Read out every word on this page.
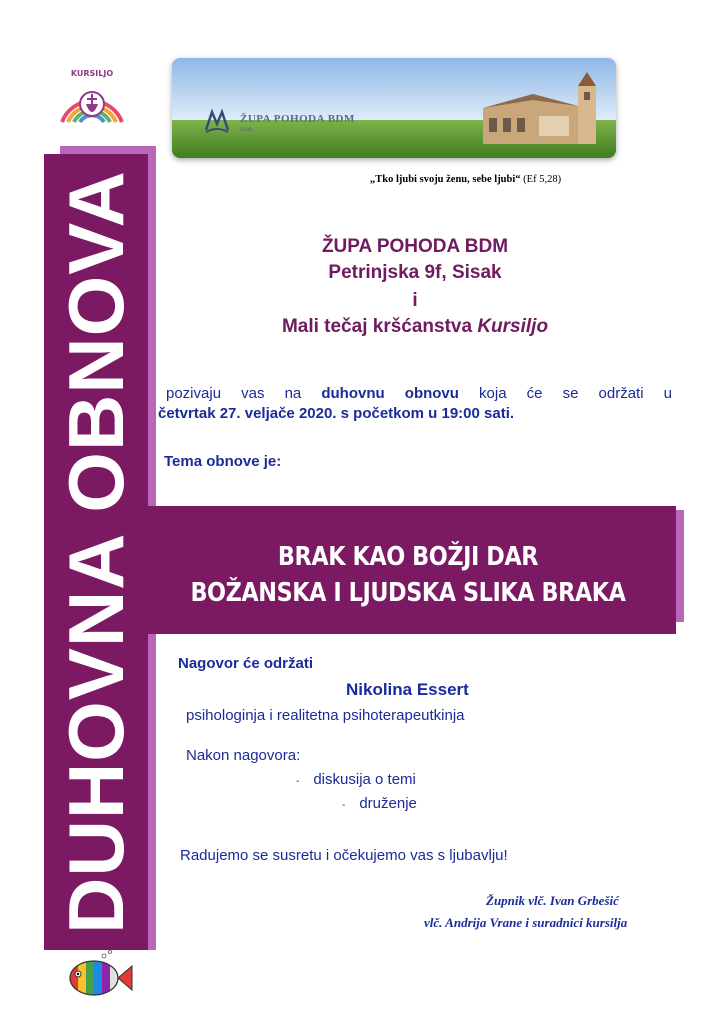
KURSILJO
ŽUPA POHODA BDM
Sisak
„Tko ljubi svoju ženu, sebe ljubi“ (Ef 5,28)
DUHOVNA OBNOVA	ŽUPA POHODA BDM
Petrinjska 9f, Sisak
i
Mali tečaj kršćanstva Kursiljo
pozivaju vas na duhovnu obnovu koja će se održati u
četvrtak 27. veljače 2020. s početkom u 19:00 sati.
Tema obnove je:
BRAK KAO BOŽJI DAR
BOŽANSKA I LJUDSKA SLIKA BRAKA
Nagovor će održati
Nikolina Essert
psihologinja i realitetna psihoterapeutkinja
Nakon nagovora:
- diskusija o temi
- druženje
Radujemo se susretu i očekujemo vas s ljubavlju!
Župnik vlč. Ivan Grbešić
vlč. Andrija Vrane i suradnici kursilja
